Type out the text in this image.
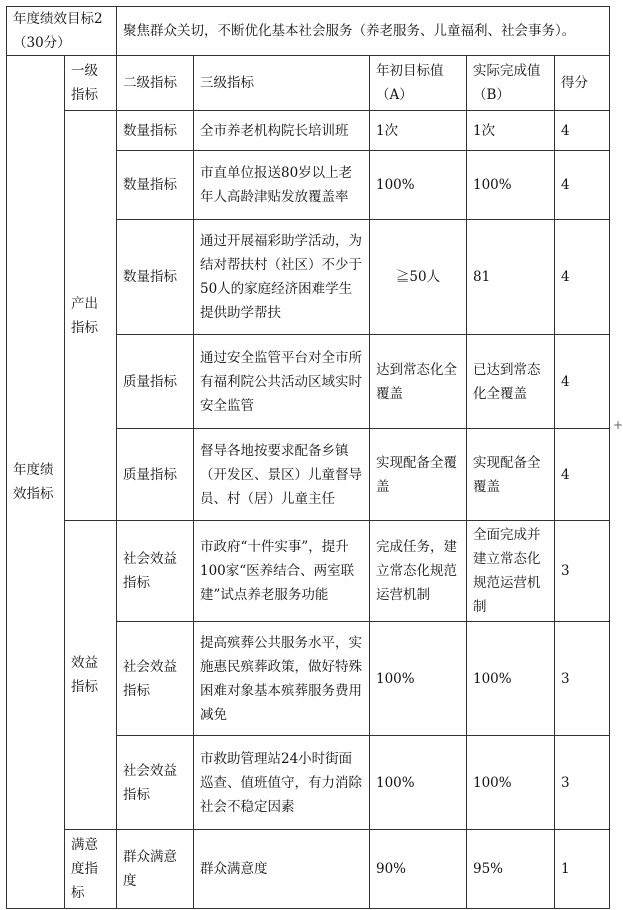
年度绩效目标2（30分）		聚焦群众关切，不断优化基本社会服务（养老服务、儿童福利、社会事务）。				
年度绩效指标	一级指标	二级指标	三级指标	年初目标值（A）	实际完成值（B）	得分
	产出指标	数量指标	全市养老机构院长培训班	1次	1次	4
		数量指标	市直单位报送80岁以上老年人高龄津贴发放覆盖率	100%	100%	4
		数量指标	通过开展福彩助学活动，为结对帮扶村（社区）不少于50人的家庭经济困难学生提供助学帮扶	≧50人	81	4
		质量指标	通过安全监管平台对全市所有福利院公共活动区域实时安全监管	达到常态化全覆盖	已达到常态化全覆盖	4
		质量指标	督导各地按要求配备乡镇（开发区、景区）儿童督导员、村（居）儿童主任	实现配备全覆盖	实现配备全覆盖	4
	效益指标	社会效益指标	市政府“十件实事”，提升100家“医养结合、两室联建”试点养老服务功能	完成任务，建立常态化规范运营机制	全面完成并建立常态化规范运营机制	3
		社会效益指标	提高殡葬公共服务水平，实施惠民殡葬政策，做好特殊困难对象基本殡葬服务费用减免	100%	100%	3
		社会效益指标	市救助管理站24小时街面巡查、值班值守，有力消除社会不稳定因素	100%	100%	3
	满意度指标	群众满意度	群众满意度	90%	95%	1
+
